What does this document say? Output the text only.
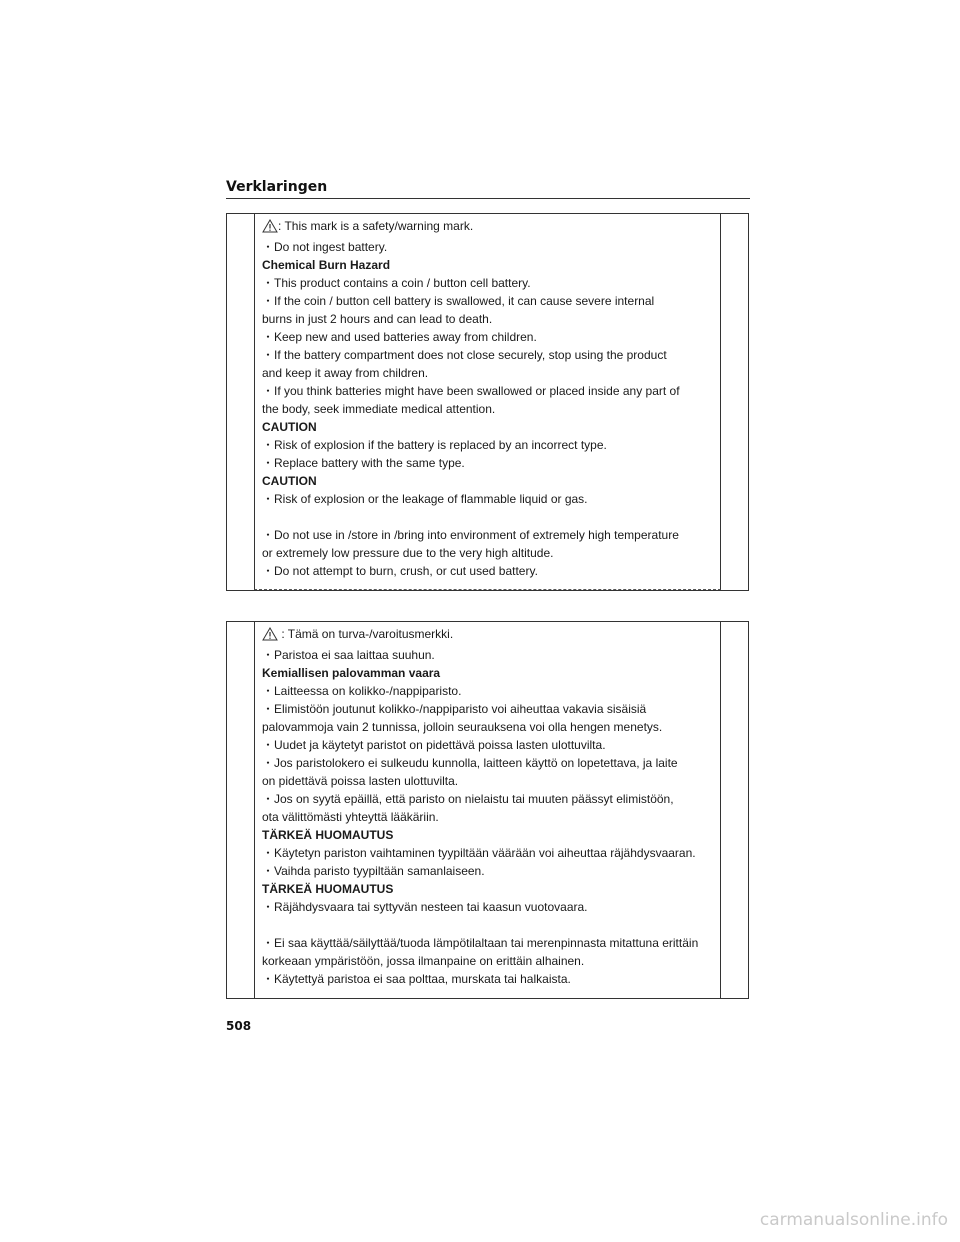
Verklaringen
: This mark is a safety/warning mark.
・Do not ingest battery.
Chemical Burn Hazard
・This product contains a coin / button cell battery.
・If the coin / button cell battery is swallowed, it can cause severe internal
burns in just 2 hours and can lead to death.
・Keep new and used batteries away from children.
・If the battery compartment does not close securely, stop using the product
and keep it away from children.
・If you think batteries might have been swallowed or placed inside any part of
the body, seek immediate medical attention.
CAUTION
・Risk of explosion if the battery is replaced by an incorrect type.
・Replace battery with the same type.
CAUTION
・Risk of explosion or the leakage of flammable liquid or gas.
・Do not use in /store in /bring into environment of extremely high temperature
or extremely low pressure due to the very high altitude.
・Do not attempt to burn, crush, or cut used battery.
: Tämä on turva-/varoitusmerkki.
・Paristoa ei saa laittaa suuhun.
Kemiallisen palovamman vaara
・Laitteessa on kolikko-/nappiparisto.
・Elimistöön joutunut kolikko-/nappiparisto voi aiheuttaa vakavia sisäisiä
palovammoja vain 2 tunnissa, jolloin seurauksena voi olla hengen menetys.
・Uudet ja käytetyt paristot on pidettävä poissa lasten ulottuvilta.
・Jos paristolokero ei sulkeudu kunnolla, laitteen käyttö on lopetettava, ja laite
on pidettävä poissa lasten ulottuvilta.
・Jos on syytä epäillä, että paristo on nielaistu tai muuten päässyt elimistöön,
ota välittömästi yhteyttä lääkäriin.
TÄRKEÄ HUOMAUTUS
・Käytetyn pariston vaihtaminen tyypiltään väärään voi aiheuttaa räjähdysvaaran.
・Vaihda paristo tyypiltään samanlaiseen.
TÄRKEÄ HUOMAUTUS
・Räjähdysvaara tai syttyvän nesteen tai kaasun vuotovaara.
・Ei saa käyttää/säilyttää/tuoda lämpötilaltaan tai merenpinnasta mitattuna erittäin
korkeaan ympäristöön, jossa ilmanpaine on erittäin alhainen.
・Käytettyä paristoa ei saa polttaa, murskata tai halkaista.
508
carmanualsonline.info
